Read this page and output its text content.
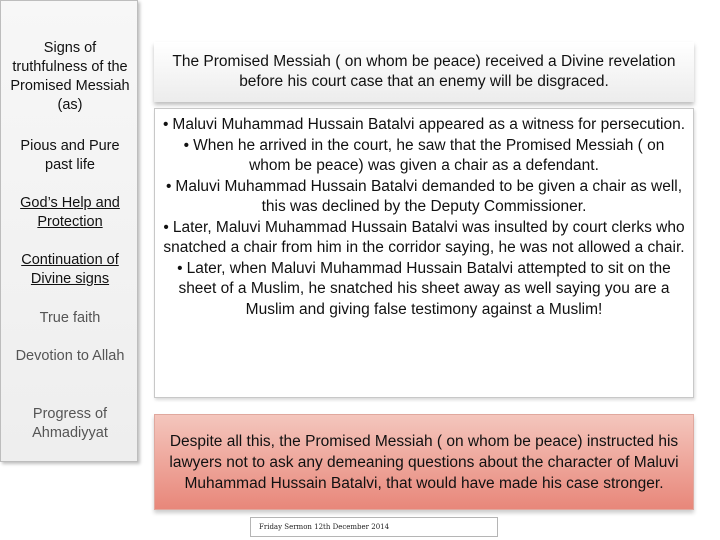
Signs of truthfulness of the Promised Messiah (as)
Pious and Pure past life
God’s Help and Protection
Continuation of Divine signs
True faith
Devotion to Allah
Progress of Ahmadiyyat
The Promised Messiah ( on whom be peace) received a Divine revelation before his court case that an enemy will be disgraced.

• Maluvi Muhammad Hussain Batalvi appeared as a witness for persecution.

• When he arrived in the court, he saw that the Promised Messiah ( on whom be peace) was given a chair as a defendant.

• Maluvi Muhammad Hussain Batalvi demanded to be given a chair as well, this was declined by the Deputy Commissioner.

• Later, Maluvi Muhammad Hussain Batalvi was insulted by court clerks who snatched a chair from him in the corridor saying, he was not allowed a chair.

• Later, when Maluvi Muhammad Hussain Batalvi attempted to sit on the sheet of a Muslim, he snatched his sheet away as well saying you are a Muslim and giving false testimony against a Muslim!

Despite all this, the Promised Messiah ( on whom be peace) instructed his lawyers not to ask any demeaning questions about the character of Maluvi Muhammad Hussain Batalvi, that would have made his case stronger.
Friday Sermon 12th December 2014
